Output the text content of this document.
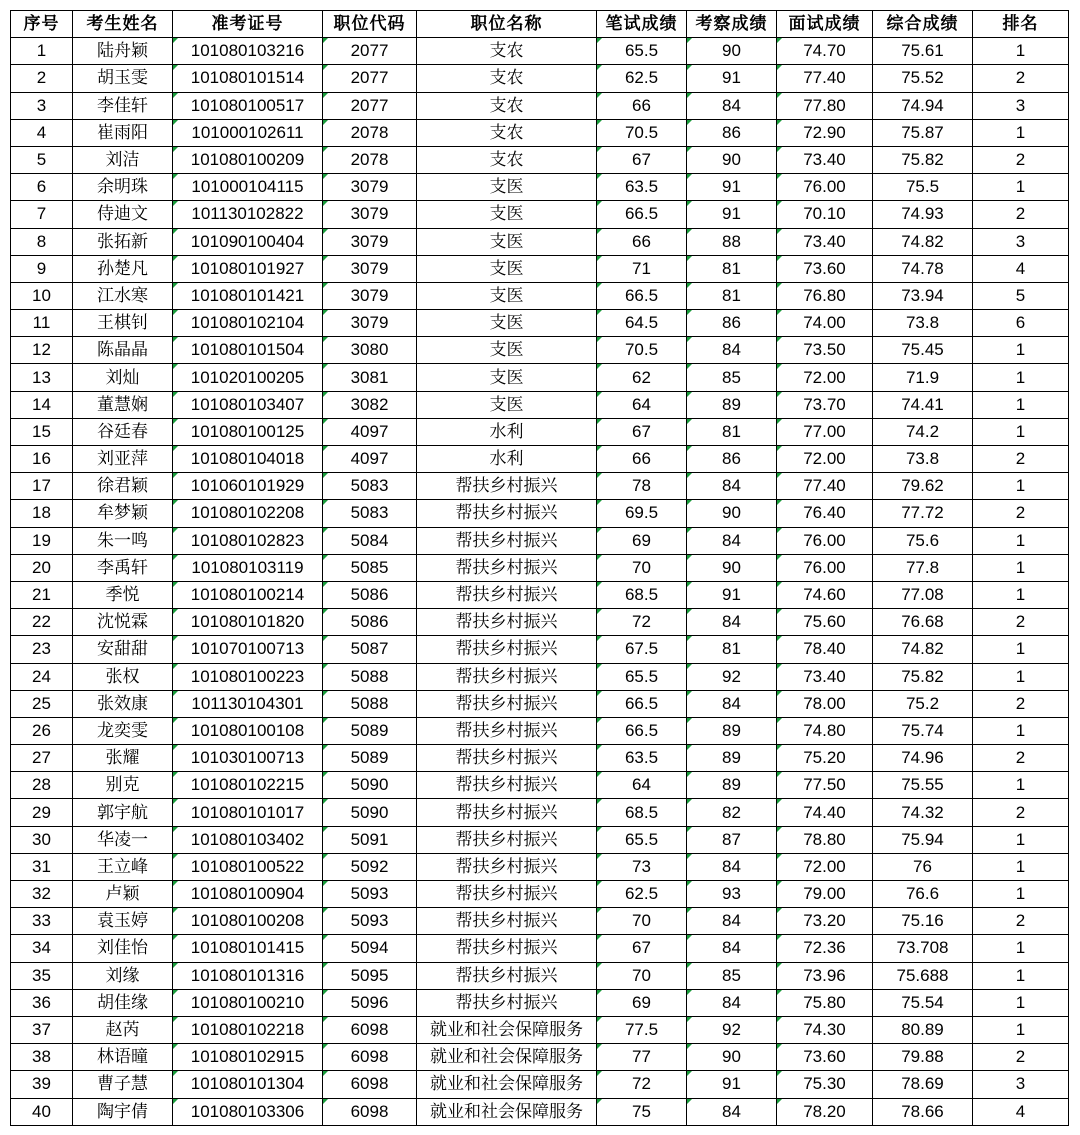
序号	考生姓名	准考证号	职位代码	职位名称	笔试成绩	考察成绩	面试成绩	综合成绩	排名
1	陆舟颖	101080103216	2077	支农	65.5	90	74.70	75.61	1
2	胡玉雯	101080101514	2077	支农	62.5	91	77.40	75.52	2
3	李佳轩	101080100517	2077	支农	66	84	77.80	74.94	3
4	崔雨阳	101000102611	2078	支农	70.5	86	72.90	75.87	1
5	刘洁	101080100209	2078	支农	67	90	73.40	75.82	2
6	余明珠	101000104115	3079	支医	63.5	91	76.00	75.5	1
7	侍迪文	101130102822	3079	支医	66.5	91	70.10	74.93	2
8	张拓新	101090100404	3079	支医	66	88	73.40	74.82	3
9	孙楚凡	101080101927	3079	支医	71	81	73.60	74.78	4
10	江水寒	101080101421	3079	支医	66.5	81	76.80	73.94	5
11	王棋钊	101080102104	3079	支医	64.5	86	74.00	73.8	6
12	陈晶晶	101080101504	3080	支医	70.5	84	73.50	75.45	1
13	刘灿	101020100205	3081	支医	62	85	72.00	71.9	1
14	董慧娴	101080103407	3082	支医	64	89	73.70	74.41	1
15	谷廷春	101080100125	4097	水利	67	81	77.00	74.2	1
16	刘亚萍	101080104018	4097	水利	66	86	72.00	73.8	2
17	徐君颖	101060101929	5083	帮扶乡村振兴	78	84	77.40	79.62	1
18	牟梦颖	101080102208	5083	帮扶乡村振兴	69.5	90	76.40	77.72	2
19	朱一鸣	101080102823	5084	帮扶乡村振兴	69	84	76.00	75.6	1
20	李禹轩	101080103119	5085	帮扶乡村振兴	70	90	76.00	77.8	1
21	季悦	101080100214	5086	帮扶乡村振兴	68.5	91	74.60	77.08	1
22	沈悦霖	101080101820	5086	帮扶乡村振兴	72	84	75.60	76.68	2
23	安甜甜	101070100713	5087	帮扶乡村振兴	67.5	81	78.40	74.82	1
24	张权	101080100223	5088	帮扶乡村振兴	65.5	92	73.40	75.82	1
25	张效康	101130104301	5088	帮扶乡村振兴	66.5	84	78.00	75.2	2
26	龙奕雯	101080100108	5089	帮扶乡村振兴	66.5	89	74.80	75.74	1
27	张耀	101030100713	5089	帮扶乡村振兴	63.5	89	75.20	74.96	2
28	别克	101080102215	5090	帮扶乡村振兴	64	89	77.50	75.55	1
29	郭宇航	101080101017	5090	帮扶乡村振兴	68.5	82	74.40	74.32	2
30	华凌一	101080103402	5091	帮扶乡村振兴	65.5	87	78.80	75.94	1
31	王立峰	101080100522	5092	帮扶乡村振兴	73	84	72.00	76	1
32	卢颖	101080100904	5093	帮扶乡村振兴	62.5	93	79.00	76.6	1
33	袁玉婷	101080100208	5093	帮扶乡村振兴	70	84	73.20	75.16	2
34	刘佳怡	101080101415	5094	帮扶乡村振兴	67	84	72.36	73.708	1
35	刘缘	101080101316	5095	帮扶乡村振兴	70	85	73.96	75.688	1
36	胡佳缘	101080100210	5096	帮扶乡村振兴	69	84	75.80	75.54	1
37	赵芮	101080102218	6098	就业和社会保障服务	77.5	92	74.30	80.89	1
38	林语曈	101080102915	6098	就业和社会保障服务	77	90	73.60	79.88	2
39	曹子慧	101080101304	6098	就业和社会保障服务	72	91	75.30	78.69	3
40	陶宇倩	101080103306	6098	就业和社会保障服务	75	84	78.20	78.66	4
